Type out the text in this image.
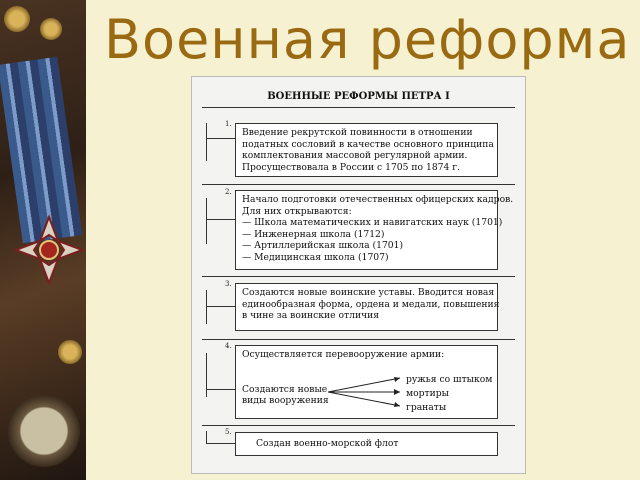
Военная реформа
ВОЕННЫЕ РЕФОРМЫ ПЕТРА I
1.
Введение рекрутской повинности в отношении
податных сословий в качестве основного принципа
комплектования массовой регулярной армии.
Просуществовала в России с 1705 по 1874 г.
2.
Начало подготовки отечественных офицерских кадров.
Для них открываются:
— Школа математических и навигатских наук (1701)
— Инженерная школа (1712)
— Артиллерийская школа (1701)
— Медицинская школа (1707)
3.
Создаются новые воинские уставы. Вводится новая
единообразная форма, ордена и медали, повышения
в чине за воинские отличия
4.
Осуществляется перевооружение армии:
Создаются новые
виды вооружения
ружья со штыком
мортиры
гранаты
5.
Создан военно-морской флот
